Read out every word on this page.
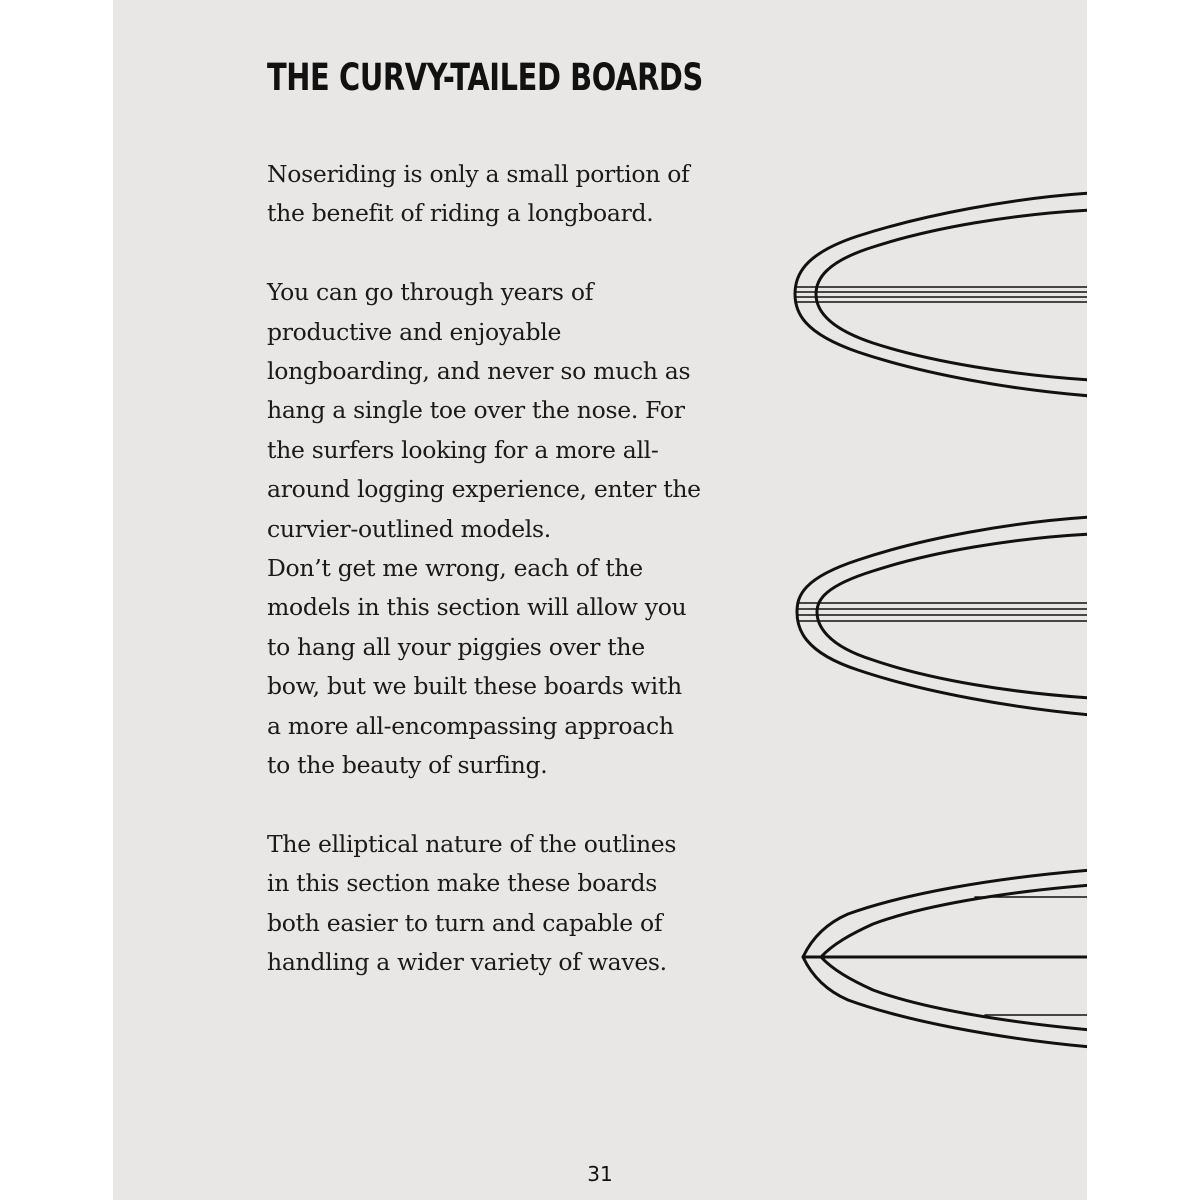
THE CURVY-TAILED BOARDS
Noseriding is only a small portion of
the benefit of riding a longboard.
You can go through years of
productive and enjoyable
longboarding, and never so much as
hang a single toe over the nose. For
the surfers looking for a more all-
around logging experience, enter the
curvier-outlined models.
Don’t get me wrong, each of the
models in this section will allow you
to hang all your piggies over the
bow, but we built these boards with
a more all-encompassing approach
to the beauty of surfing.
The elliptical nature of the outlines
in this section make these boards
both easier to turn and capable of
handling a wider variety of waves.
31
